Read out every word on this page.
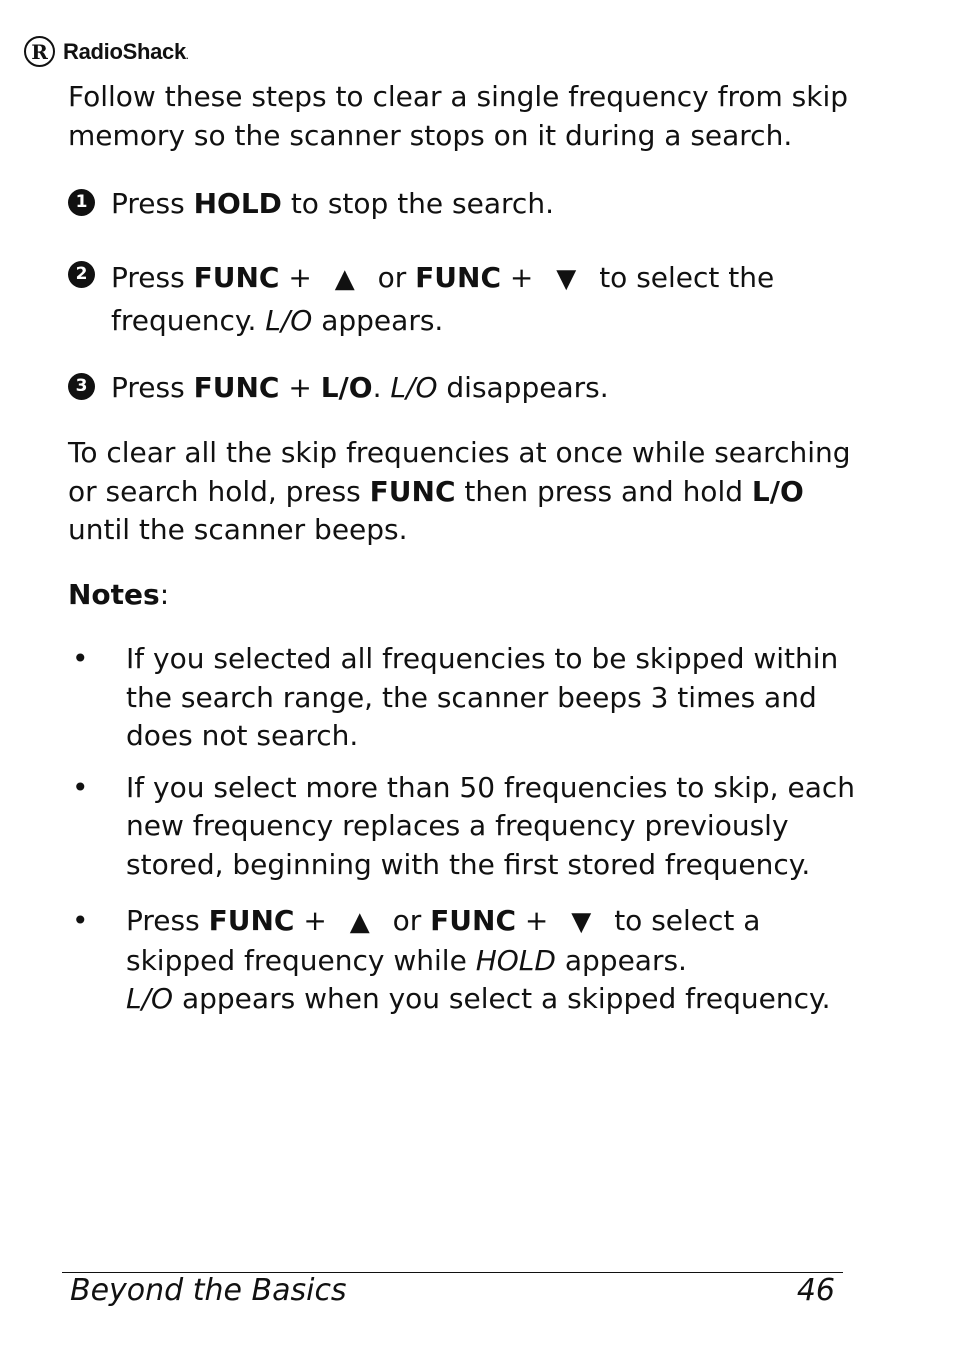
R RadioShack.

Follow these steps to clear a single frequency from skip memory so the scanner stops on it during a search.

1 Press HOLD to stop the search.
2 Press FUNC + ▲ or FUNC + ▼ to select the frequency. L/O appears.
3 Press FUNC + L/O. L/O disappears.

To clear all the skip frequencies at once while searching or search hold, press FUNC then press and hold L/O until the scanner beeps.

Notes:

•	If you selected all frequencies to be skipped within the search range, the scanner beeps 3 times and does not search.
•	If you select more than 50 frequencies to skip, each new frequency replaces a frequency previously stored, beginning with the first stored frequency.
•	Press FUNC + ▲ or FUNC + ▼ to select a skipped frequency while HOLD appears.
L/O appears when you select a skipped frequency.
Beyond the Basics	46
